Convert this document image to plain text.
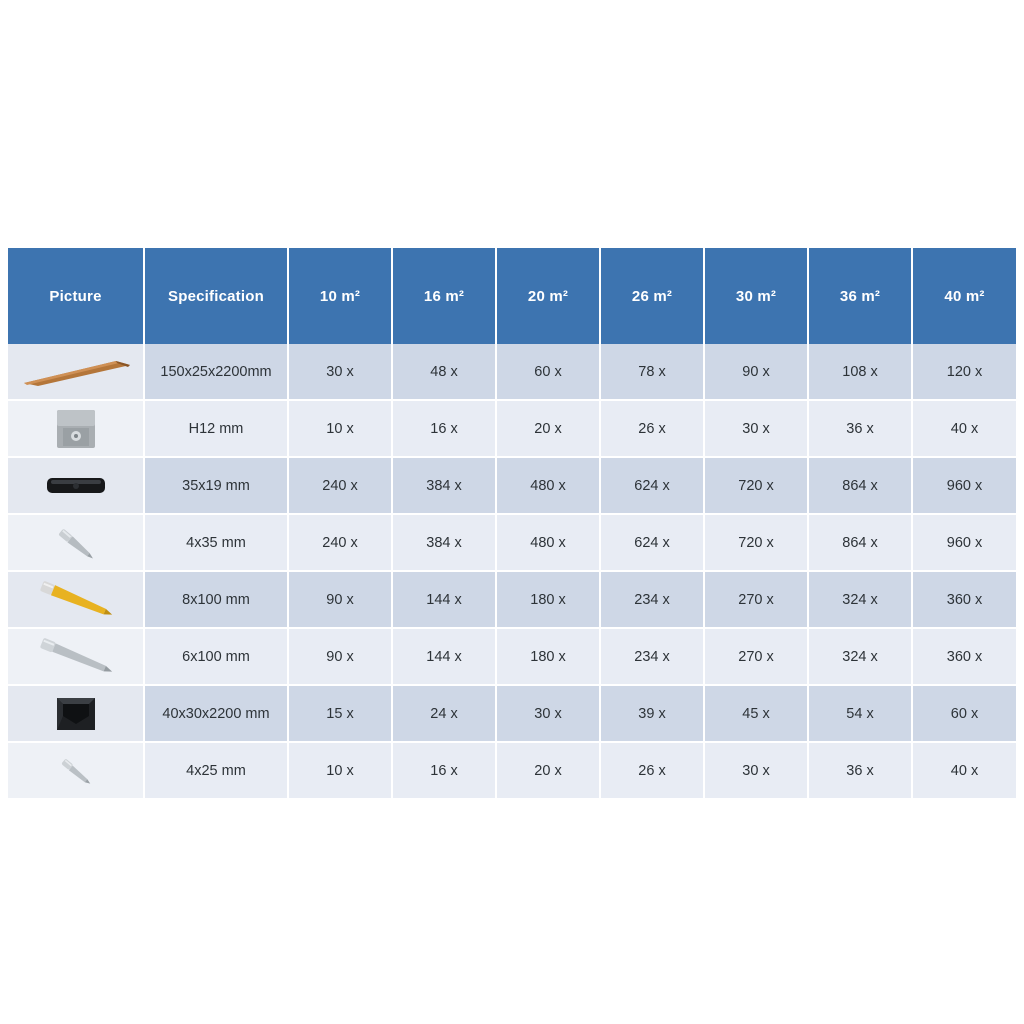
Picture	Specification	10 m²	16 m²	20 m²	26 m²	30 m²	36 m²	40 m²

	150x25x2200mm	30 x	48 x	60 x	78 x	90 x	108 x	120 x

	H12 mm	10 x	16 x	20 x	26 x	30 x	36 x	40 x

	35x19 mm	240 x	384 x	480 x	624 x	720 x	864 x	960 x

	4x35 mm	240 x	384 x	480 x	624 x	720 x	864 x	960 x

	8x100 mm	90 x	144 x	180 x	234 x	270 x	324 x	360 x

	6x100 mm	90 x	144 x	180 x	234 x	270 x	324 x	360 x

	40x30x2200 mm	15 x	24 x	30 x	39 x	45 x	54 x	60 x

	4x25 mm	10 x	16 x	20 x	26 x	30 x	36 x	40 x
